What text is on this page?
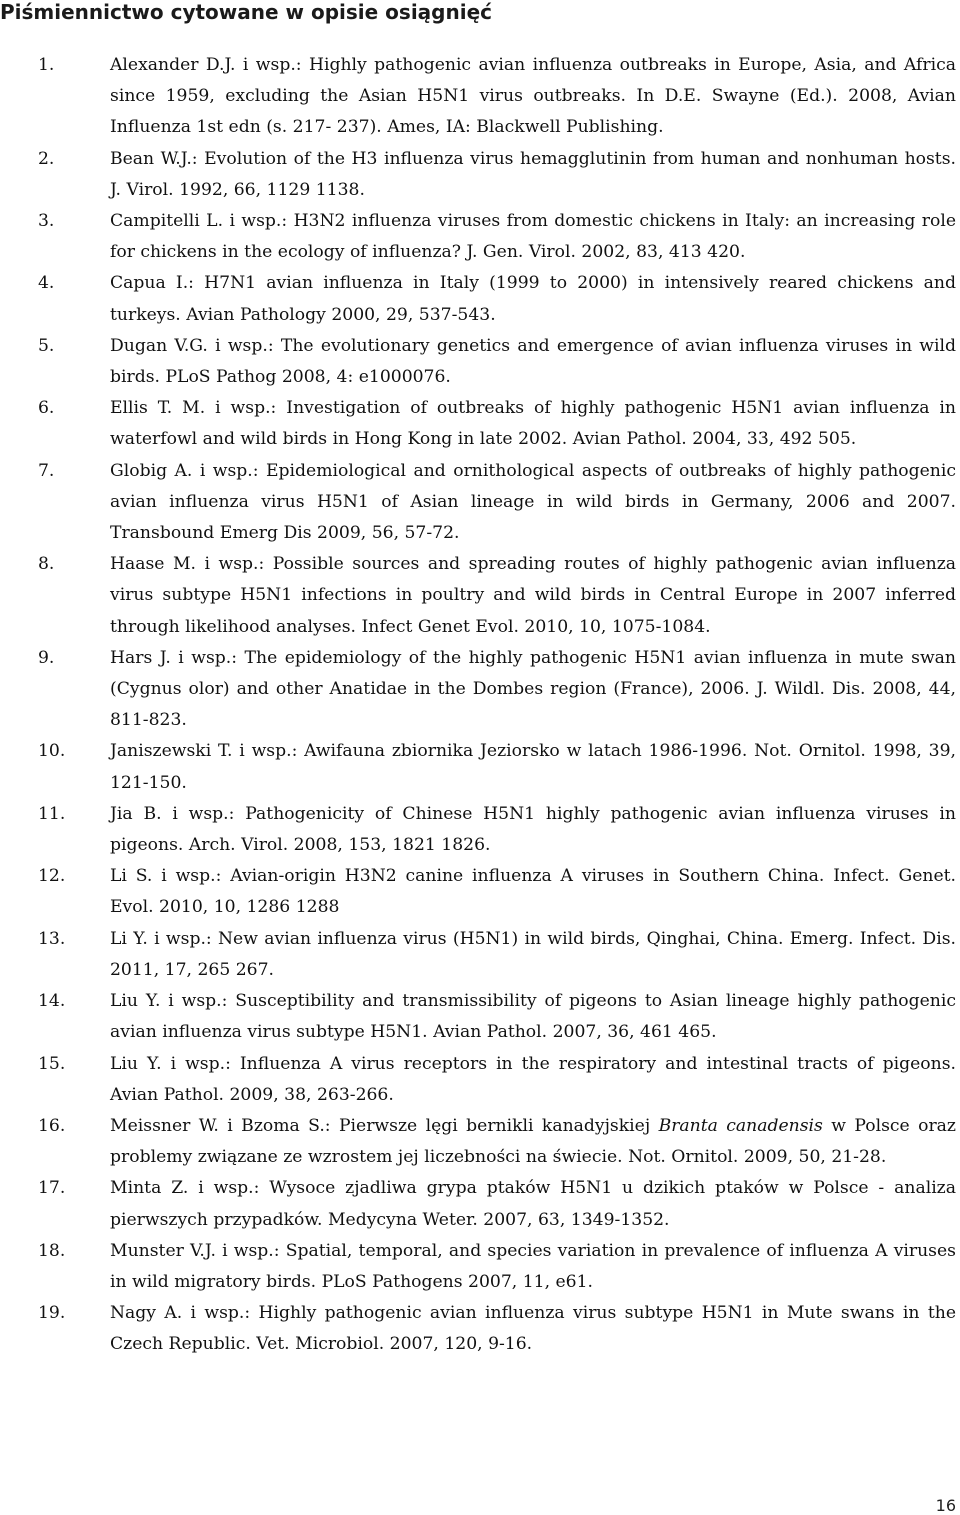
Piśmiennictwo cytowane w opisie osiągnięć
1.	Alexander D.J. i wsp.: Highly pathogenic avian influenza outbreaks in Europe, Asia, and Africa since 1959, excluding the Asian H5N1 virus outbreaks. In D.E. Swayne (Ed.). 2008, Avian Influenza 1st edn (s. 217- 237). Ames, IA: Blackwell Publishing.
2.	Bean W.J.: Evolution of the H3 influenza virus hemagglutinin from human and nonhuman hosts. J. Virol. 1992, 66, 1129 1138.
3.	Campitelli L. i wsp.: H3N2 influenza viruses from domestic chickens in Italy: an increasing role for chickens in the ecology of influenza? J. Gen. Virol. 2002, 83, 413 420.
4.	Capua I.: H7N1 avian influenza in Italy (1999 to 2000) in intensively reared chickens and turkeys. Avian Pathology 2000, 29, 537-543.
5.	Dugan V.G. i wsp.: The evolutionary genetics and emergence of avian influenza viruses in wild birds. PLoS Pathog 2008, 4: e1000076.
6.	Ellis T. M. i wsp.: Investigation of outbreaks of highly pathogenic H5N1 avian influenza in waterfowl and wild birds in Hong Kong in late 2002. Avian Pathol. 2004, 33, 492 505.
7.	Globig A. i wsp.: Epidemiological and ornithological aspects of outbreaks of highly pathogenic avian influenza virus H5N1 of Asian lineage in wild birds in Germany, 2006 and 2007. Transbound Emerg Dis 2009, 56, 57-72.
8.	Haase M. i wsp.: Possible sources and spreading routes of highly pathogenic avian influenza virus subtype H5N1 infections in poultry and wild birds in Central Europe in 2007 inferred through likelihood analyses. Infect Genet Evol. 2010, 10, 1075-1084.
9.	Hars J. i wsp.: The epidemiology of the highly pathogenic H5N1 avian influenza in mute swan (Cygnus olor) and other Anatidae in the Dombes region (France), 2006. J. Wildl. Dis. 2008, 44, 811-823.
10.	Janiszewski T. i wsp.: Awifauna zbiornika Jeziorsko w latach 1986-1996. Not. Ornitol. 1998, 39, 121-150.
11.	Jia B. i wsp.: Pathogenicity of Chinese H5N1 highly pathogenic avian influenza viruses in pigeons. Arch. Virol. 2008, 153, 1821 1826.
12.	Li S. i wsp.: Avian-origin H3N2 canine influenza A viruses in Southern China. Infect. Genet. Evol. 2010, 10, 1286 1288
13.	Li Y. i wsp.: New avian influenza virus (H5N1) in wild birds, Qinghai, China. Emerg. Infect. Dis. 2011, 17, 265 267.
14.	Liu Y. i wsp.: Susceptibility and transmissibility of pigeons to Asian lineage highly pathogenic avian influenza virus subtype H5N1. Avian Pathol. 2007, 36, 461 465.
15.	Liu Y. i wsp.: Influenza A virus receptors in the respiratory and intestinal tracts of pigeons. Avian Pathol. 2009, 38, 263-266.
16.	Meissner W. i Bzoma S.: Pierwsze lęgi bernikli kanadyjskiej Branta canadensis w Polsce oraz problemy związane ze wzrostem jej liczebności na świecie. Not. Ornitol. 2009, 50, 21-28.
17.	Minta Z. i wsp.: Wysoce zjadliwa grypa ptaków H5N1 u dzikich ptaków w Polsce - analiza pierwszych przypadków. Medycyna Weter. 2007, 63, 1349-1352.
18.	Munster V.J. i wsp.: Spatial, temporal, and species variation in prevalence of influenza A viruses in wild migratory birds. PLoS Pathogens 2007, 11, e61.
19.	Nagy A. i wsp.: Highly pathogenic avian influenza virus subtype H5N1 in Mute swans in the Czech Republic. Vet. Microbiol. 2007, 120, 9-16.
16
